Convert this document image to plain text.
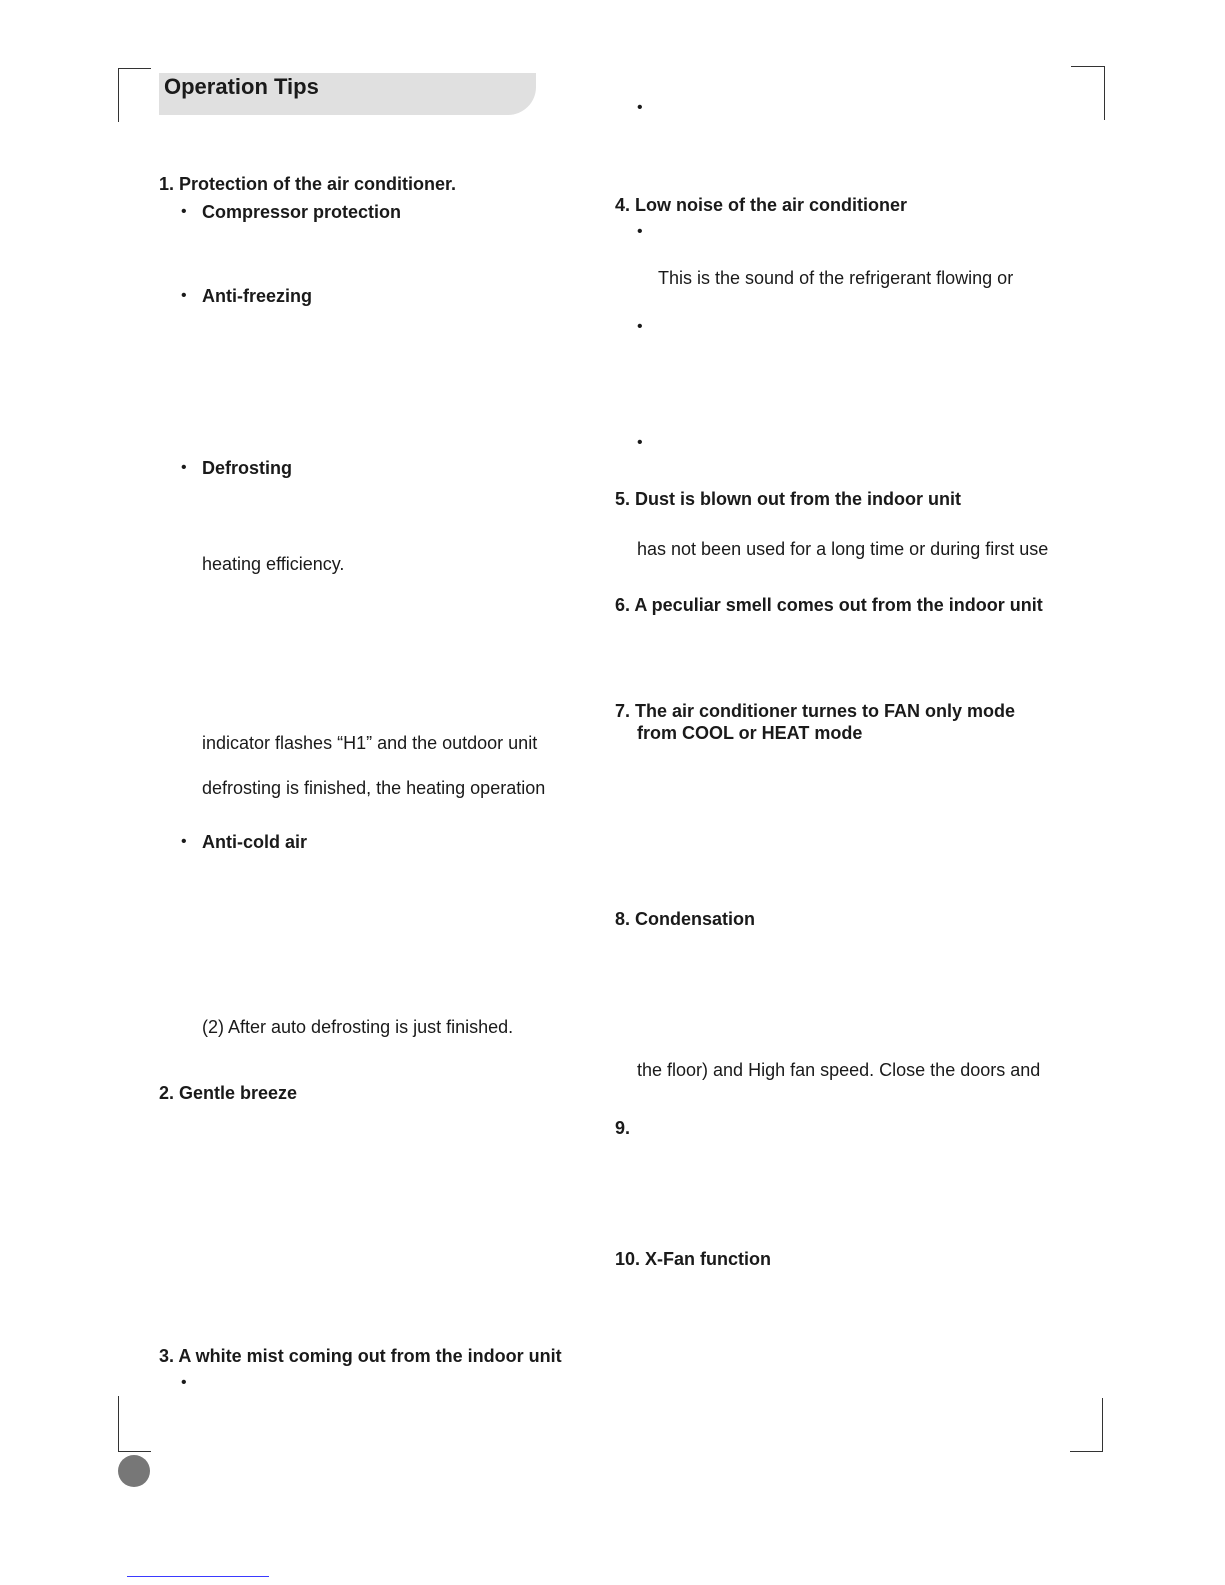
Operation Tips
1. Protection of the air conditioner.
• Compressor protection
• Anti-freezing
• Defrosting
heating efficiency.
indicator flashes “H1” and the outdoor unit
defrosting is finished, the heating operation
• Anti-cold air
(2) After auto defrosting is just finished.
2. Gentle breeze
3. A white mist coming out from the indoor unit
•
•
4. Low noise of the air conditioner
•
This is the sound of the refrigerant flowing or
•
•
5. Dust is blown out from the indoor unit
has not been used for a long time or during first use
6. A peculiar smell comes out from the indoor unit
7. The air conditioner turnes to FAN only mode
from COOL or HEAT mode
8. Condensation
the floor) and High fan speed. Close the doors and
9.
10. X-Fan function
